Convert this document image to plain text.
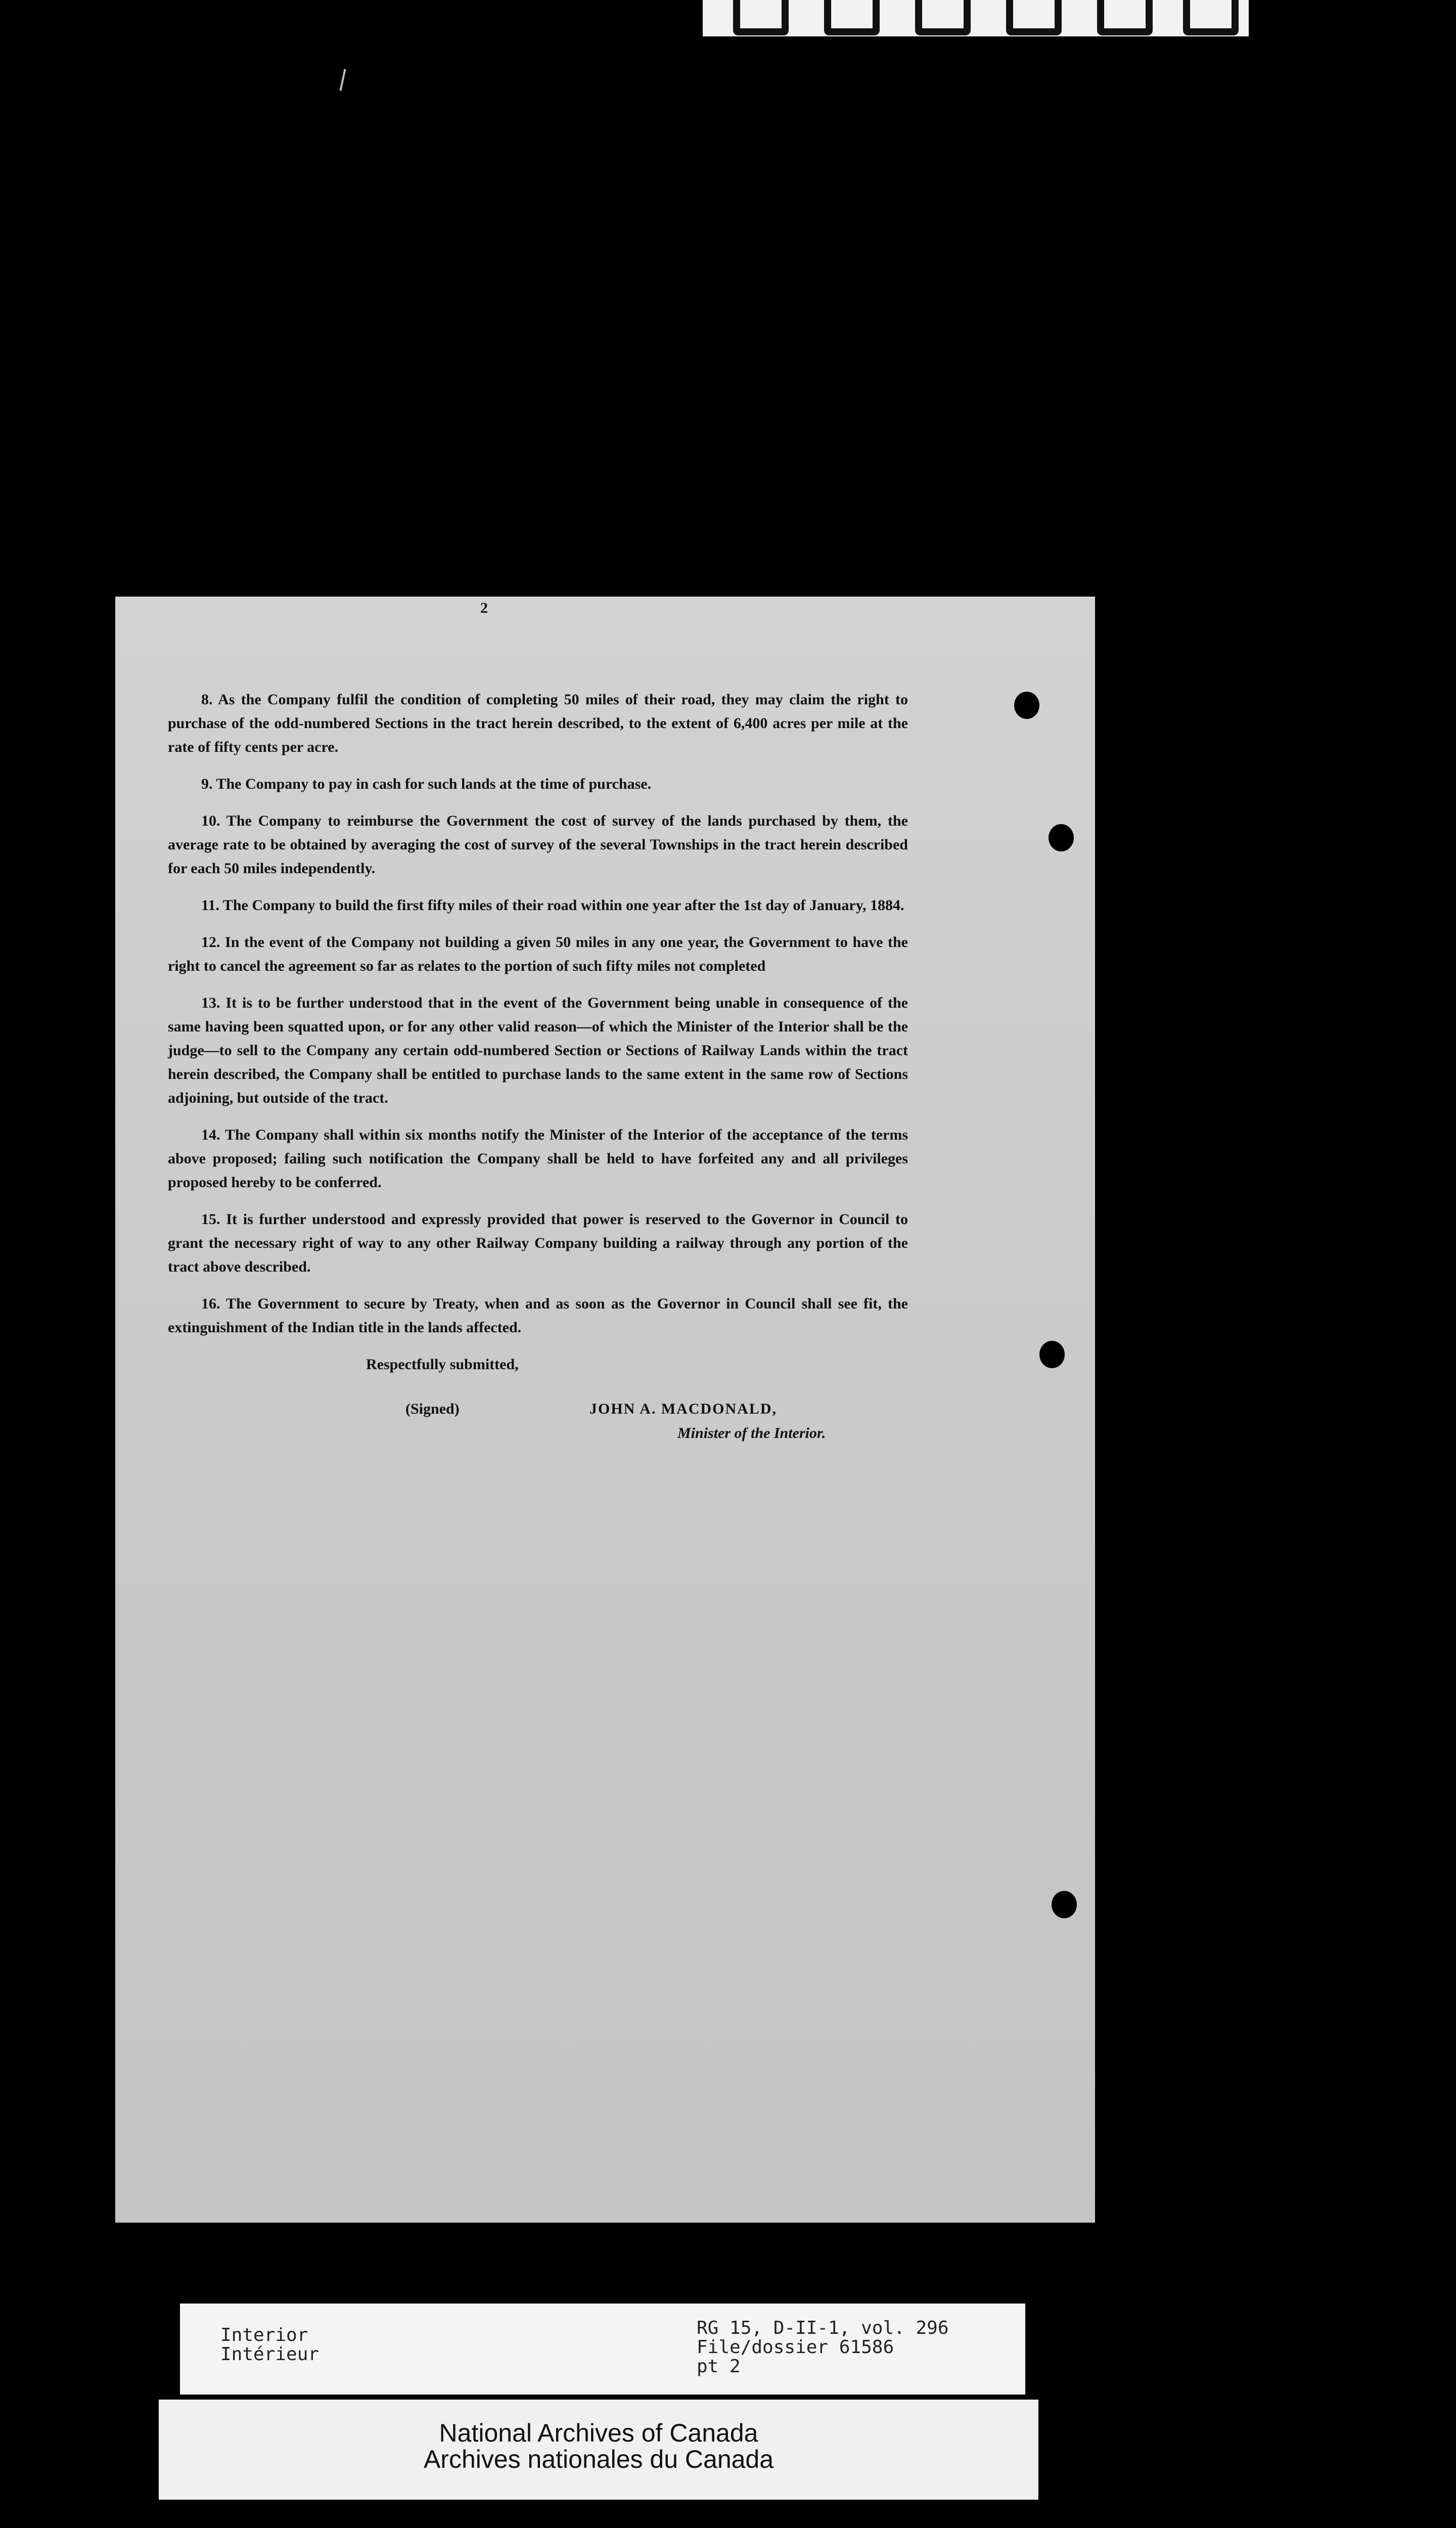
2

8. As the Company fulfil the condition of completing 50 miles of their road, they may claim the right to purchase of the odd-numbered Sections in the tract herein described, to the extent of 6,400 acres per mile at the rate of fifty cents per acre.

9. The Company to pay in cash for such lands at the time of purchase.

10. The Company to reimburse the Government the cost of survey of the lands purchased by them, the average rate to be obtained by averaging the cost of survey of the several Townships in the tract herein described for each 50 miles independently.

11. The Company to build the first fifty miles of their road within one year after the 1st day of January, 1884.

12. In the event of the Company not building a given 50 miles in any one year, the Government to have the right to cancel the agreement so far as relates to the portion of such fifty miles not completed

13. It is to be further understood that in the event of the Government being unable in consequence of the same having been squatted upon, or for any other valid reason—of which the Minister of the Interior shall be the judge—to sell to the Company any certain odd-numbered Section or Sections of Railway Lands within the tract herein described, the Company shall be entitled to purchase lands to the same extent in the same row of Sections adjoining, but outside of the tract.

14. The Company shall within six months notify the Minister of the Interior of the acceptance of the terms above proposed; failing such notification the Company shall be held to have forfeited any and all privileges proposed hereby to be conferred.

15. It is further understood and expressly provided that power is reserved to the Governor in Council to grant the necessary right of way to any other Railway Company building a railway through any portion of the tract above described.

16. The Government to secure by Treaty, when and as soon as the Governor in Council shall see fit, the extinguishment of the Indian title in the lands affected.

Respectfully submitted,
(Signed)	JOHN A. MACDONALD,
Minister of the Interior.
Interior
Intérieur
RG 15, D-II-1, vol. 296
File/dossier 61586
pt 2
National Archives of Canada
Archives nationales du Canada
